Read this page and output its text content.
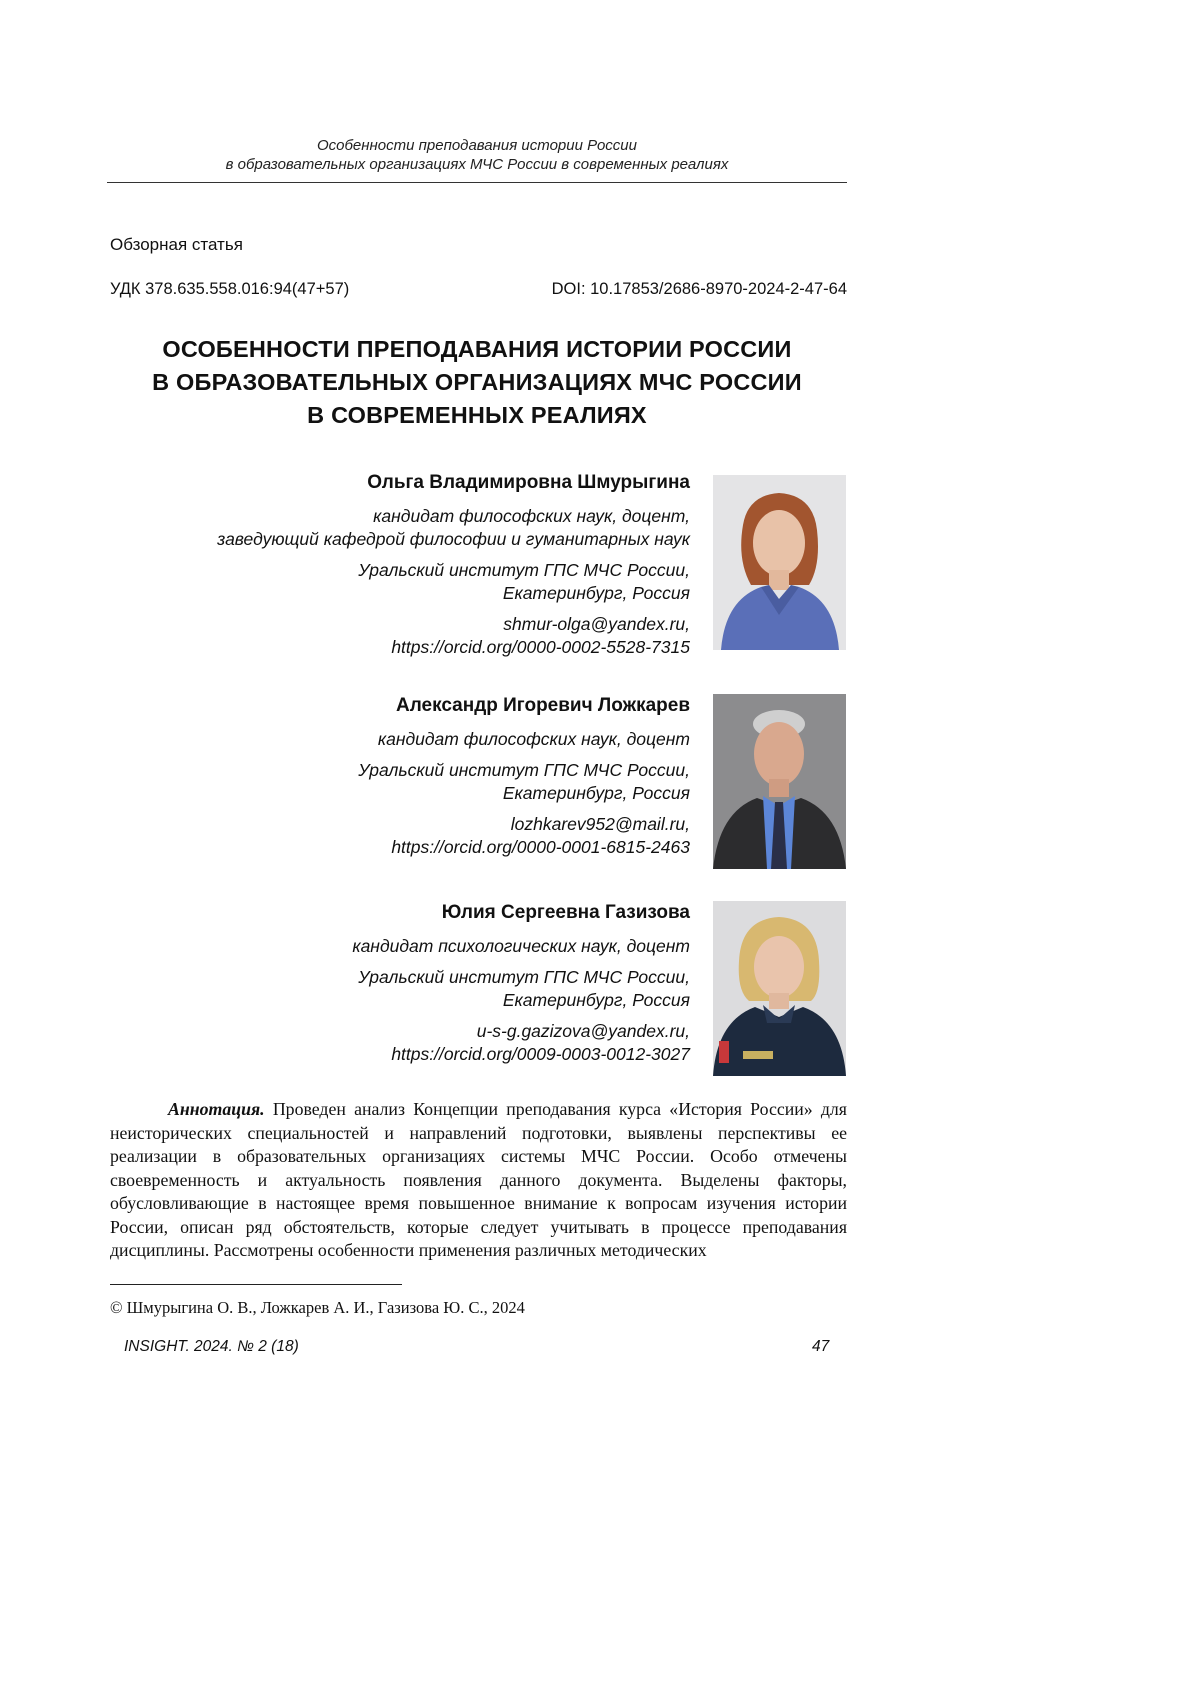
Особенности преподавания истории России
в образовательных организациях МЧС России в современных реалиях
Обзорная статья
УДК 378.635.558.016:94(47+57)	DOI: 10.17853/2686-8970-2024-2-47-64
ОСОБЕННОСТИ ПРЕПОДАВАНИЯ ИСТОРИИ РОССИИ
В ОБРАЗОВАТЕЛЬНЫХ ОРГАНИЗАЦИЯХ МЧС РОССИИ
В СОВРЕМЕННЫХ РЕАЛИЯХ
Ольга Владимировна Шмурыгина
кандидат философских наук, доцент,
заведующий кафедрой философии и гуманитарных наук
Уральский институт ГПС МЧС России,
Екатеринбург, Россия
shmur-olga@yandex.ru,
https://orcid.org/0000-0002-5528-7315
Александр Игоревич Ложкарев
кандидат философских наук, доцент
Уральский институт ГПС МЧС России,
Екатеринбург, Россия
lozhkarev952@mail.ru,
https://orcid.org/0000-0001-6815-2463
Юлия Сергеевна Газизова
кандидат психологических наук, доцент
Уральский институт ГПС МЧС России,
Екатеринбург, Россия
u-s-g.gazizova@yandex.ru,
https://orcid.org/0009-0003-0012-3027
Аннотация. Проведен анализ Концепции преподавания курса «История России» для неисторических специальностей и направлений подготовки, выявлены перспективы ее реализации в образовательных организациях системы МЧС России. Особо отмечены своевременность и актуальность появления данного документа. Выделены факторы, обусловливающие в настоящее время повышенное внимание к вопросам изучения истории России, описан ряд обстоятельств, которые следует учитывать в процессе преподавания дисциплины. Рассмотрены особенности применения различных методических
© Шмурыгина О. В., Ложкарев А. И., Газизова Ю. С., 2024
INSIGHT. 2024. № 2 (18)	47
